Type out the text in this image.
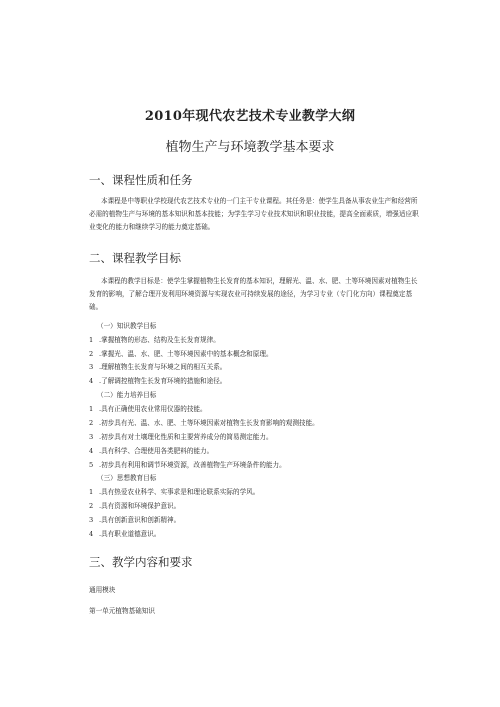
2010年现代农艺技术专业教学大纲
植物生产与环境教学基本要求
一、课程性质和任务
本课程是中等职业学校现代农艺技术专业的一门主干专业课程。其任务是：使学生具备从事农业生产和经营所必需的植物生产与环境的基本知识和基本技能；为学生学习专业技术知识和职业技能，提高全面素质，增强适应职业变化的能力和继续学习的能力奠定基础。
二、课程教学目标
本课程的教学目标是：使学生掌握植物生长发育的基本知识，理解光、温、水、肥、土等环境因素对植物生长发育的影响，了解合理开发利用环境资源与实现农业可持续发展的途径，为学习专业（专门化方向）课程奠定基础。
（一）知识教学目标
1 .掌握植物的形态、结构及生长发育规律。
2 .掌握光、温、水、肥、土等环境因素中的基本概念和原理。
3 .理解植物生长发育与环境之间的相互关系。
4 .了解调控植物生长发育环境的措施和途径。
（二）能力培养目标
1 .具有正确使用农业常用仪器的技能。
2 .初步具有光、温、水、肥、土等环境因素对植物生长发育影响的观测技能。
3 .初步具有对土壤理化性质和主要营养成分的简易测定能力。
4 .具有科学、合理使用各类肥料的能力。
5 .初步具有利用和调节环境资源，改善植物生产环境条件的能力。
（三）思想教育目标
1 .具有热爱农业科学、实事求是和理论联系实际的学风。
2 .具有资源和环境保护意识。
3 .具有创新意识和创新精神。
4 .具有职业道德意识。
三、教学内容和要求
通用模块
第一单元植物基础知识
